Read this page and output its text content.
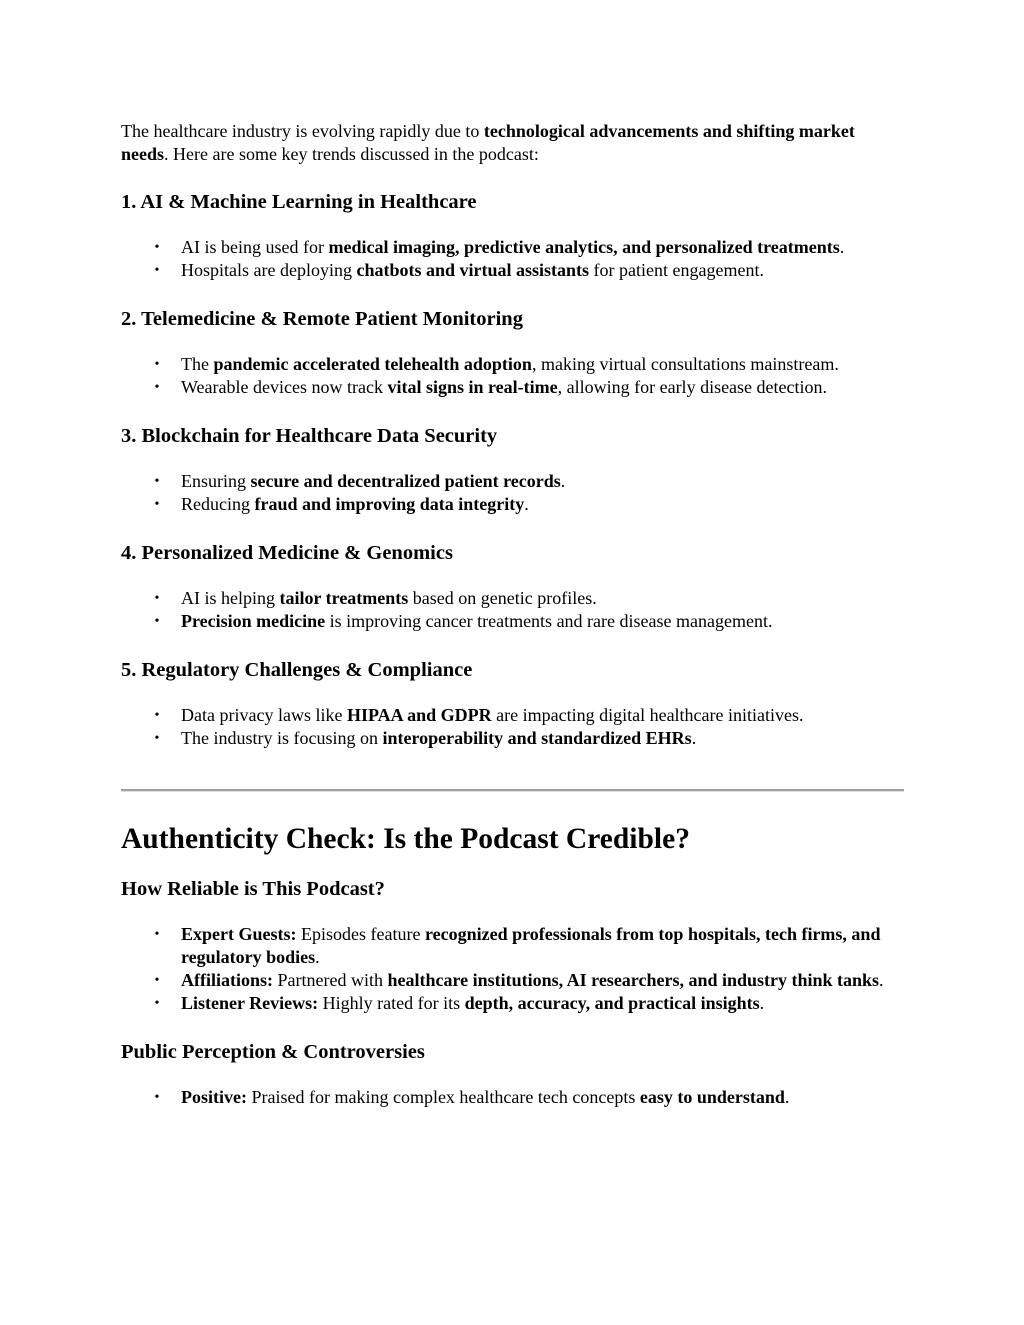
The healthcare industry is evolving rapidly due to technological advancements and shifting market needs. Here are some key trends discussed in the podcast:

1. AI & Machine Learning in Healthcare
• AI is being used for medical imaging, predictive analytics, and personalized treatments.
• Hospitals are deploying chatbots and virtual assistants for patient engagement.
2. Telemedicine & Remote Patient Monitoring
• The pandemic accelerated telehealth adoption, making virtual consultations mainstream.
• Wearable devices now track vital signs in real-time, allowing for early disease detection.
3. Blockchain for Healthcare Data Security
• Ensuring secure and decentralized patient records.
• Reducing fraud and improving data integrity.
4. Personalized Medicine & Genomics
• AI is helping tailor treatments based on genetic profiles.
• Precision medicine is improving cancer treatments and rare disease management.
5. Regulatory Challenges & Compliance
• Data privacy laws like HIPAA and GDPR are impacting digital healthcare initiatives.
• The industry is focusing on interoperability and standardized EHRs.
Authenticity Check: Is the Podcast Credible?
How Reliable is This Podcast?
• Expert Guests: Episodes feature recognized professionals from top hospitals, tech firms, and regulatory bodies.
• Affiliations: Partnered with healthcare institutions, AI researchers, and industry think tanks.
• Listener Reviews: Highly rated for its depth, accuracy, and practical insights.
Public Perception & Controversies
• Positive: Praised for making complex healthcare tech concepts easy to understand.
